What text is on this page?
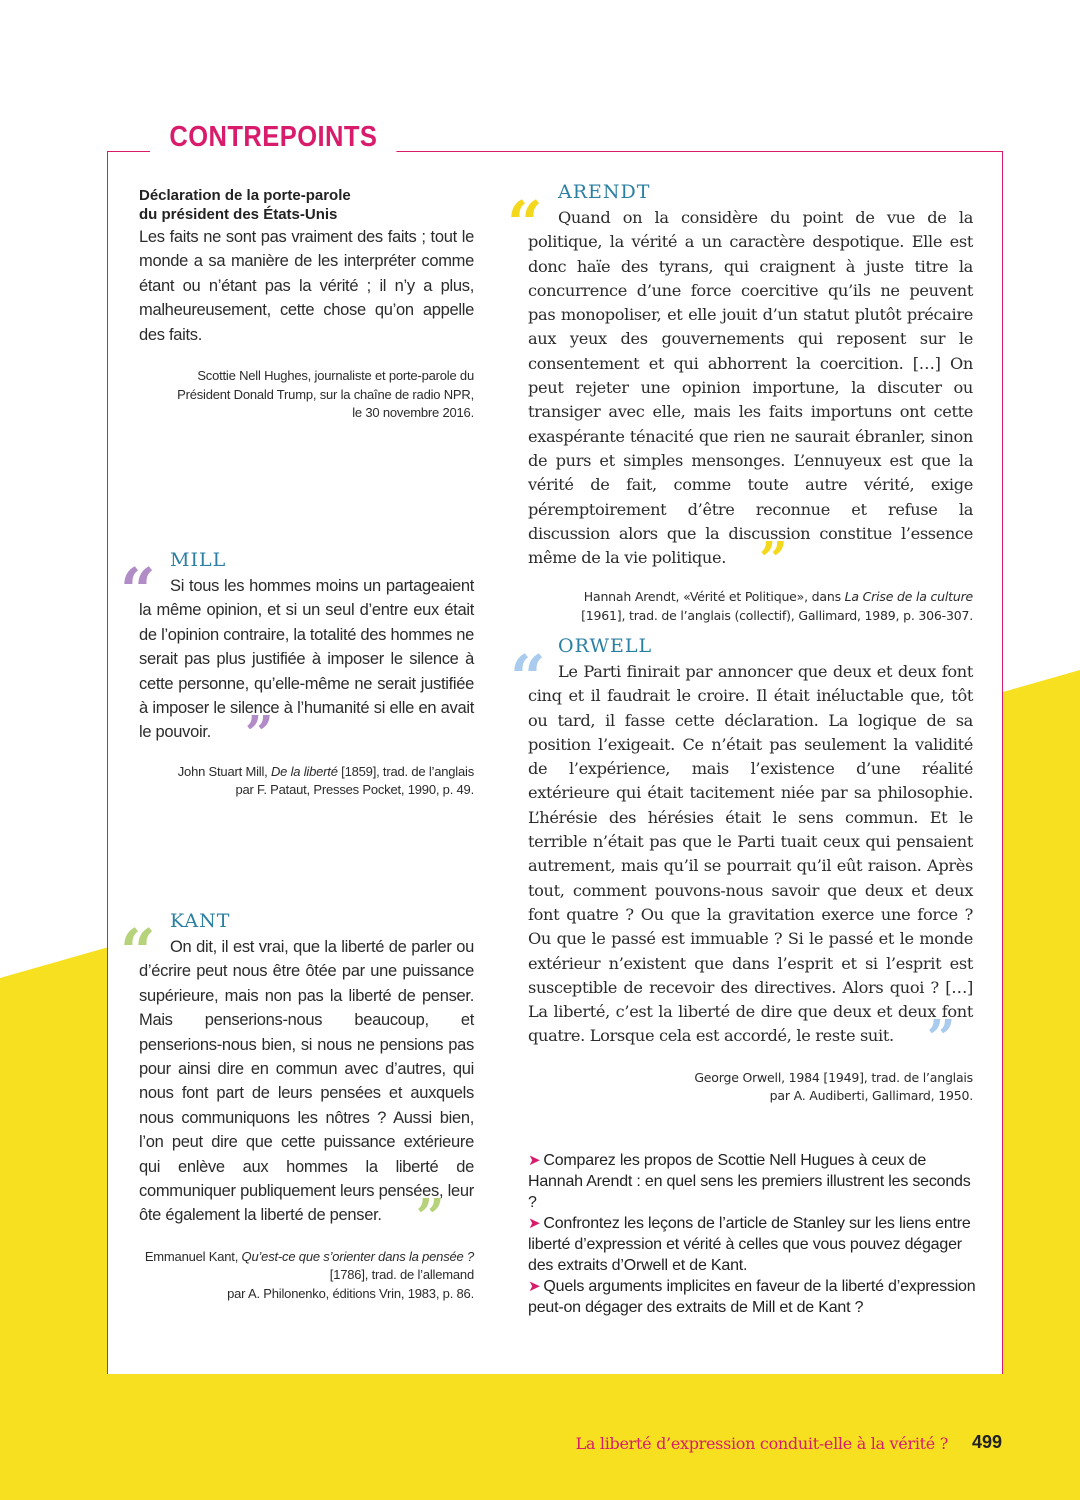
CONTREPOINTS
Déclaration de la porte-parole
du président des États-Unis

Les faits ne sont pas vraiment des faits ; tout le monde a sa manière de les interpréter comme étant ou n’étant pas la vérité ; il n’y a plus, malheureusement, cette chose qu’on appelle des faits.

Scottie Nell Hughes, journaliste et porte-parole du
Président Donald Trump, sur la chaîne de radio NPR,
le 30 novembre 2016.
MILL
“ Si tous les hommes moins un partageaient la même opinion, et si un seul d’entre eux était de l’opinion contraire, la totalité des hommes ne serait pas plus justifiée à imposer le silence à cette personne, qu’elle-même ne serait justifiée à imposer le silence à l’humanité si elle en avait le pouvoir. ”

John Stuart Mill, De la liberté [1859], trad. de l’anglais
par F. Pataut, Presses Pocket, 1990, p. 49.
KANT
“ On dit, il est vrai, que la liberté de parler ou d’écrire peut nous être ôtée par une puissance supérieure, mais non pas la liberté de penser. Mais penserions-nous beaucoup, et penserions-nous bien, si nous ne pensions pas pour ainsi dire en commun avec d’autres, qui nous font part de leurs pensées et auxquels nous communiquons les nôtres ? Aussi bien, l’on peut dire que cette puissance extérieure qui enlève aux hommes la liberté de communiquer publiquement leurs pensées, leur ôte également la liberté de penser. ”

Emmanuel Kant, Qu’est-ce que s’orienter dans la pensée ? [1786], trad. de l’allemand
par A. Philonenko, éditions Vrin, 1983, p. 86.
ARENDT
“ Quand on la considère du point de vue de la politique, la vérité a un caractère despotique. Elle est donc haïe des tyrans, qui craignent à juste titre la concurrence d’une force coercitive qu’ils ne peuvent pas monopoliser, et elle jouit d’un statut plutôt précaire aux yeux des gouvernements qui reposent sur le consentement et qui abhorrent la coercition. […] On peut rejeter une opinion importune, la discuter ou transiger avec elle, mais les faits importuns ont cette exaspérante ténacité que rien ne saurait ébranler, sinon de purs et simples mensonges. L’ennuyeux est que la vérité de fait, comme toute autre vérité, exige péremptoirement d’être reconnue et refuse la discussion alors que la discussion constitue l’essence même de la vie politique. ”

Hannah Arendt, «Vérité et Politique», dans La Crise de la culture
[1961], trad. de l’anglais (collectif), Gallimard, 1989, p. 306-307.
ORWELL
“ Le Parti finirait par annoncer que deux et deux font cinq et il faudrait le croire. Il était inéluctable que, tôt ou tard, il fasse cette déclaration. La logique de sa position l’exigeait. Ce n’était pas seulement la validité de l’expérience, mais l’existence d’une réalité extérieure qui était tacitement niée par sa philosophie. L’hérésie des hérésies était le sens commun. Et le terrible n’était pas que le Parti tuait ceux qui pensaient autrement, mais qu’il se pourrait qu’il eût raison. Après tout, comment pouvons-nous savoir que deux et deux font quatre ? Ou que la gravitation exerce une force ? Ou que le passé est immuable ? Si le passé et le monde extérieur n’existent que dans l’esprit et si l’esprit est susceptible de recevoir des directives. Alors quoi ? […] La liberté, c’est la liberté de dire que deux et deux font quatre. Lorsque cela est accordé, le reste suit. ”

George Orwell, 1984 [1949], trad. de l’anglais
par A. Audiberti, Gallimard, 1950.
➤ Comparez les propos de Scottie Nell Hugues à ceux de Hannah Arendt : en quel sens les premiers illustrent les seconds ?
➤ Confrontez les leçons de l’article de Stanley sur les liens entre liberté d’expression et vérité à celles que vous pouvez dégager des extraits d’Orwell et de Kant.
➤ Quels arguments implicites en faveur de la liberté d’expression peut-on dégager des extraits de Mill et de Kant ?
La liberté d’expression conduit-elle à la vérité ? 499
